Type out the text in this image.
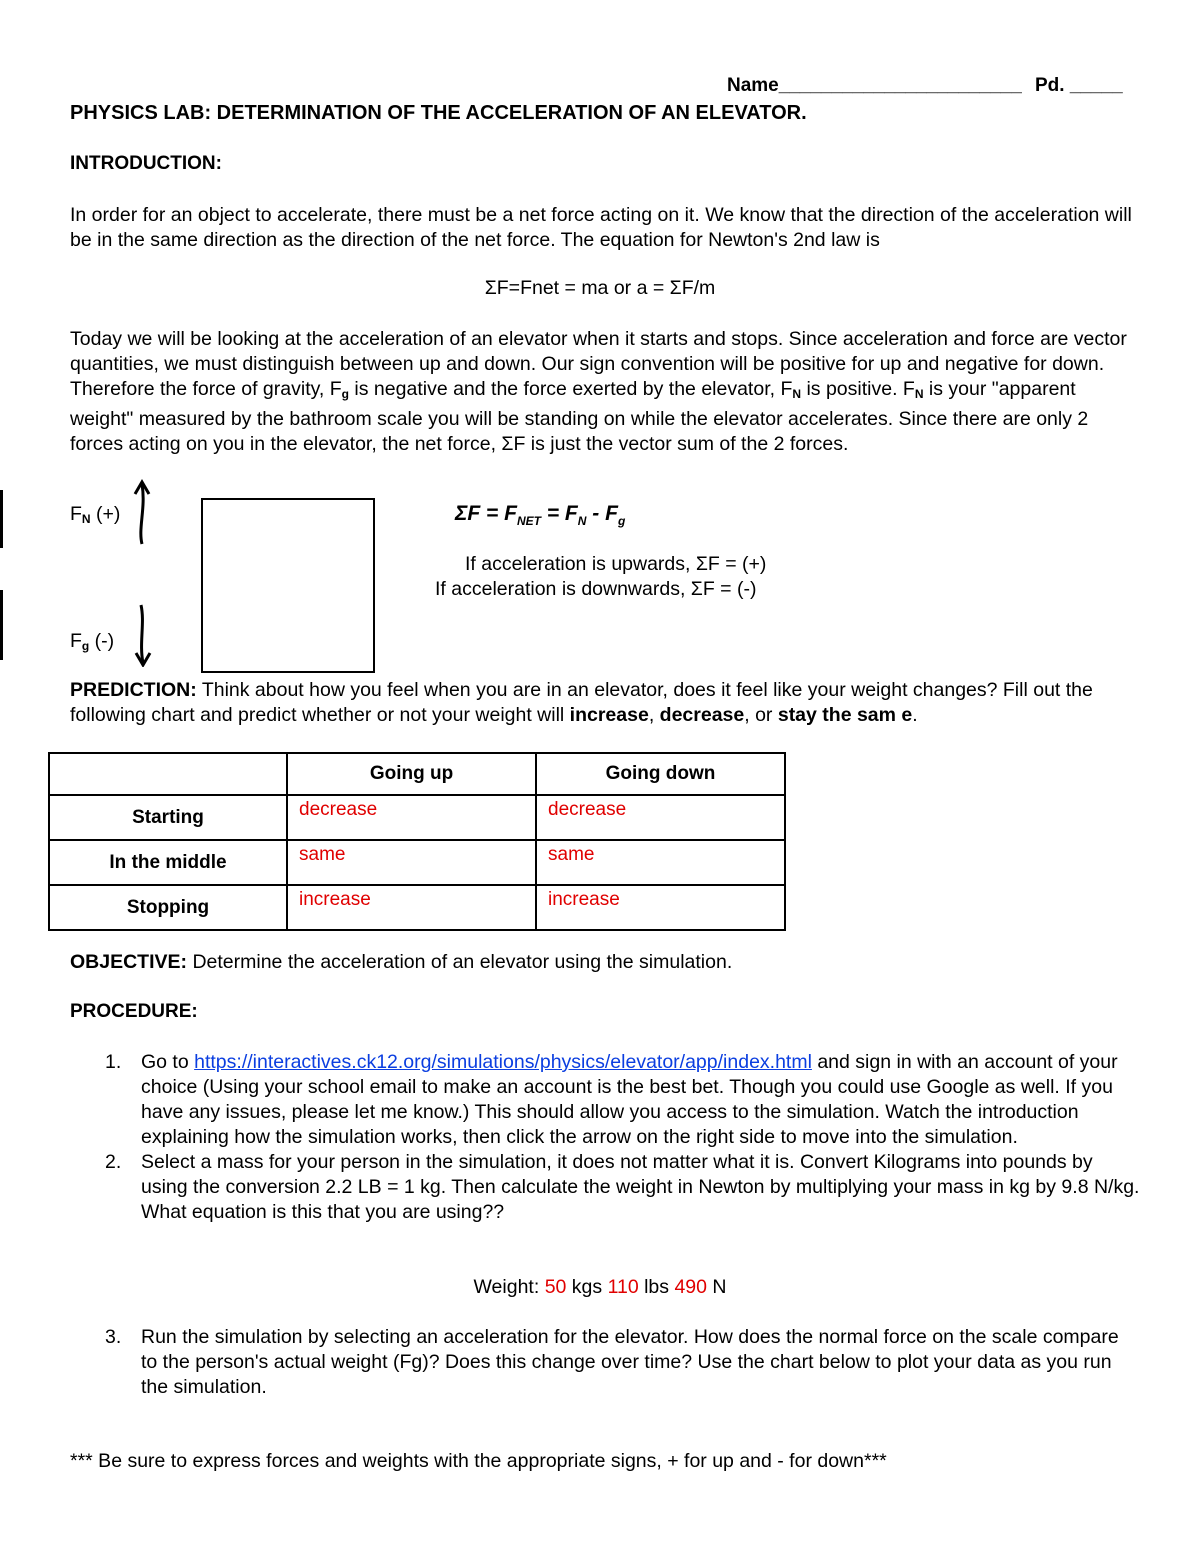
Name_______________________ Pd. _____
PHYSICS LAB: DETERMINATION OF THE ACCELERATION OF AN ELEVATOR.
INTRODUCTION:
In order for an object to accelerate, there must be a net force acting on it. We know that the direction of the acceleration will be in the same direction as the direction of the net force. The equation for Newton's 2nd law is
ΣF=Fnet = ma or a = ΣF/m
Today we will be looking at the acceleration of an elevator when it starts and stops. Since acceleration and force are vector quantities, we must distinguish between up and down. Our sign convention will be positive for up and negative for down. Therefore the force of gravity, $F_g$ is negative and the force exerted by the elevator, $F_N$ is positive. $F_N$ is your "apparent weight" measured by the bathroom scale you will be standing on while the elevator accelerates. Since there are only 2 forces acting on you in the elevator, the net force, ΣF is just the vector sum of the 2 forces.
$F_N$ (+)
$F_g$ (-)
$\Sigma F = F_{NET} = F_N - F_g$
If acceleration is upwards, ΣF = (+)
If acceleration is downwards, ΣF = (-)
PREDICTION: Think about how you feel when you are in an elevator, does it feel like your weight changes? Fill out the following chart and predict whether or not your weight will increase, decrease, or stay the sam e.
	Going up	Going down
Starting	decrease	decrease
In the middle	same	same
Stopping	increase	increase
OBJECTIVE: Determine the acceleration of an elevator using the simulation.
PROCEDURE:
1. Go to https://interactives.ck12.org/simulations/physics/elevator/app/index.html and sign in with an account of your choice (Using your school email to make an account is the best bet. Though you could use Google as well. If you have any issues, please let me know.) This should allow you access to the simulation. Watch the introduction explaining how the simulation works, then click the arrow on the right side to move into the simulation.
2. Select a mass for your person in the simulation, it does not matter what it is. Convert Kilograms into pounds by using the conversion 2.2 LB = 1 kg. Then calculate the weight in Newton by multiplying your mass in kg by 9.8 N/kg. What equation is this that you are using??
Weight: 50 kgs 110 lbs 490 N
3. Run the simulation by selecting an acceleration for the elevator. How does the normal force on the scale compare to the person's actual weight (Fg)? Does this change over time? Use the chart below to plot your data as you run the simulation.
*** Be sure to express forces and weights with the appropriate signs, + for up and - for down***
